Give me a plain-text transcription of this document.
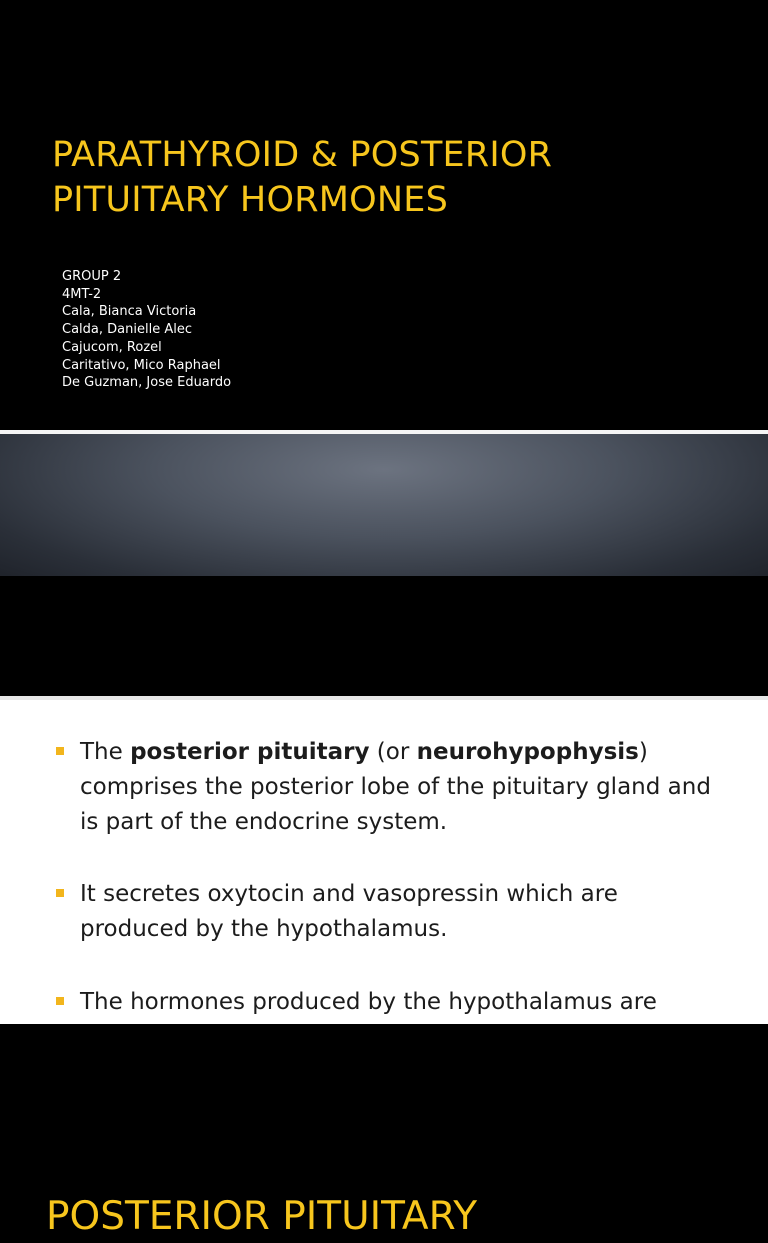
PARATHYROID & POSTERIOR
PITUITARY HORMONES
GROUP 2
4MT-2
Cala, Bianca Victoria
Calda, Danielle Alec
Cajucom, Rozel
Caritativo, Mico Raphael
De Guzman, Jose Eduardo
POSTERIOR PITUITARY
The posterior pituitary (or neurohypophysis) comprises the posterior lobe of the pituitary gland and is part of the endocrine system.
It secretes oxytocin and vasopressin which are produced by the hypothalamus.
The hormones produced by the hypothalamus are
